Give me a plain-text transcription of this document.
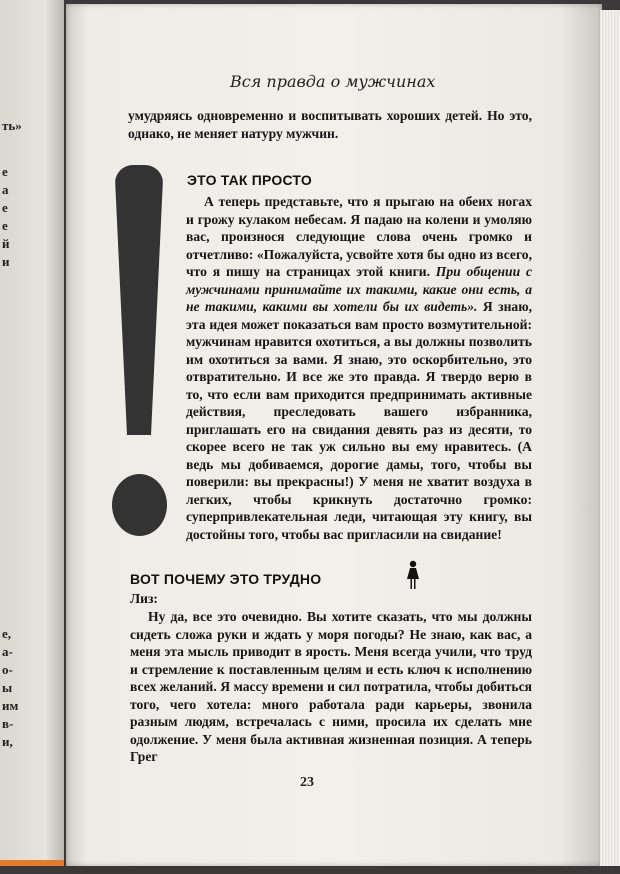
ть»
е
а
е
е
й
и
е,
а-
о-
ы
им
в-
и,
Вся правда о мужчинах
умудряясь одновременно и воспитывать хороших детей. Но это, однако, не меняет натуру мужчин.
ЭТО ТАК ПРОСТО

А теперь представьте, что я прыгаю на обеих ногах и грожу кулаком небесам. Я падаю на колени и умоляю вас, произнося следующие слова очень громко и отчетливо: «Пожалуйста, усвойте хотя бы одно из всего, что я пишу на страницах этой книги. При общении с мужчинами принимайте их такими, какие они есть, а не такими, какими вы хотели бы их видеть». Я знаю, эта идея может показаться вам просто возмутительной: мужчинам нравится охотиться, а вы должны позволить им охотиться за вами. Я знаю, это оскорбительно, это отвратительно. И все же это правда. Я твердо верю в то, что если вам приходится предпринимать активные действия, преследовать вашего избранника, приглашать его на свидания девять раз из десяти, то скорее всего не так уж сильно вы ему нравитесь. (А ведь мы добиваемся, дорогие дамы, того, чтобы вы поверили: вы прекрасны!) У меня не хватит воздуха в легких, чтобы крикнуть достаточно громко: суперпривлекательная леди, читающая эту книгу, вы достойны того, чтобы вас пригласили на свидание!

ВОТ ПОЧЕМУ ЭТО ТРУДНО
Лиз:

Ну да, все это очевидно. Вы хотите сказать, что мы должны сидеть сложа руки и ждать у моря погоды? Не знаю, как вас, а меня эта мысль приводит в ярость. Меня всегда учили, что труд и стремление к поставленным целям и есть ключ к исполнению всех желаний. Я массу времени и сил потратила, чтобы добиться того, чего хотела: много работала ради карьеры, звонила разным людям, встречалась с ними, просила их сделать мне одолжение. У меня была активная жизненная позиция. А теперь Грег

23
